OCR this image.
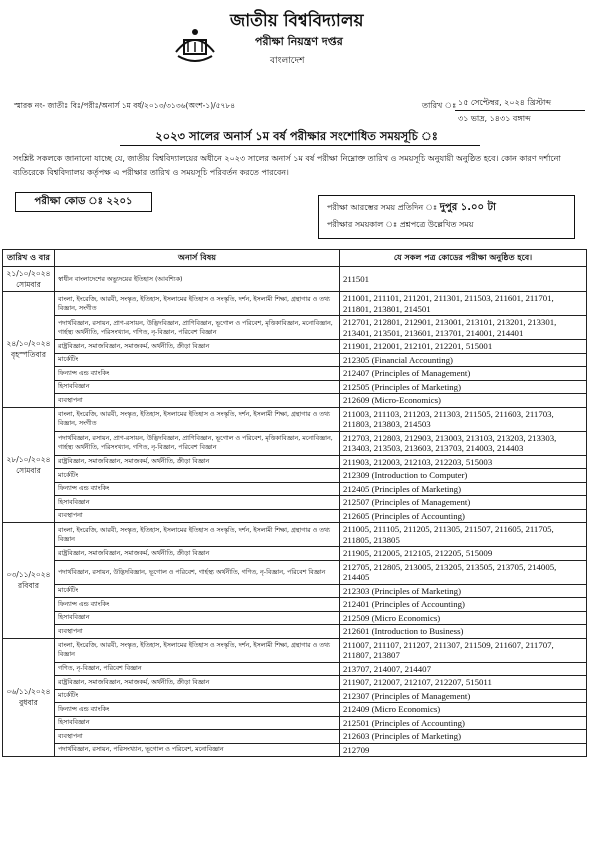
জাতীয় বিশ্ববিদ্যালয়
পরীক্ষা নিয়ন্ত্রণ দপ্তর
বাংলাদেশ
স্মারক নং- জাতীঃ বিঃ/পরীঃ/অনার্স ১ম বর্ষ/২০১৩/৩১৩৬(অংশ-১)/৫৭৮৪	তারিখ ঃ ১৫ সেপ্টেম্বর, ২০২৪ খ্রিস্টাব্দ
৩১ ভাদ্র, ১৪৩১ বঙ্গাব্দ
২০২৩ সালের অনার্স ১ম বর্ষ পরীক্ষার সংশোধিত সময়সূচি ঃ
সংশ্লিষ্ট সকলকে জানানো যাচ্ছে যে, জাতীয় বিশ্ববিদ্যালয়ের অধীনে ২০২৩ সালের অনার্স ১ম বর্ষ পরীক্ষা নিম্নোক্ত তারিখ ও সময়সূচি অনুযায়ী অনুষ্ঠিত হবে। কোন কারণ দর্শানো ব্যতিরেকে বিশ্ববিদ্যালয় কর্তৃপক্ষ এ পরীক্ষার তারিখ ও সময়সূচি পরিবর্তন করতে পারবেন।
পরীক্ষা কোড ঃ ২২০১
পরীক্ষা আরম্ভের সময় প্রতিদিন ঃ দুপুর ১.০০ টা
পরীক্ষার সময়কাল ঃ প্রশ্নপত্রে উল্লেখিত সময়
তারিখ ও বার	অনার্স বিষয়	যে সকল পত্র কোডের পরীক্ষা অনুষ্ঠিত হবে।

২১/১০/২০২৪
সোমবার	স্বাধীন বাংলাদেশের অভ্যুদয়ের ইতিহাস (আবশ্যিক)	211501

২৪/১০/২০২৪
বৃহস্পতিবার	বাংলা, ইংরেজি, আরবী, সংস্কৃত, ইতিহাস, ইসলামের ইতিহাস ও সংস্কৃতি, দর্শন, ইসলামী শিক্ষা, গ্রন্থাগার ও তথ্য বিজ্ঞান, সংগীত	211001, 211101, 211201, 211301, 211503, 211601, 211701, 211801, 213801, 214501
	পদার্থবিজ্ঞান, রসায়ন, প্রাণ-রসায়ন, উদ্ভিদবিজ্ঞান, প্রাণিবিজ্ঞান, ভূগোল ও পরিবেশ, মৃত্তিকাবিজ্ঞান, মনোবিজ্ঞান, গার্হস্থ্য অর্থনীতি, পরিসংখ্যান, গণিত, নৃ-বিজ্ঞান, পরিবেশ বিজ্ঞান	212701, 212801, 212901, 213001, 213101, 213201, 213301, 213401, 213501, 213601, 213701, 214001, 214401
	রাষ্ট্রবিজ্ঞান, সমাজবিজ্ঞান, সমাজকর্ম, অর্থনীতি, ক্রীড়া বিজ্ঞান	211901, 212001, 212101, 212201, 515001
	মার্কেটিং	212305 (Financial Accounting)
	ফিন্যান্স এন্ড ব্যাংকিং	212407 (Principles of Management)
	হিসাববিজ্ঞান	212505 (Principles of Marketing)
	ব্যবস্থাপনা	212609 (Micro-Economics)

২৮/১০/২০২৪
সোমবার	বাংলা, ইংরেজি, আরবী, সংস্কৃত, ইতিহাস, ইসলামের ইতিহাস ও সংস্কৃতি, দর্শন, ইসলামী শিক্ষা, গ্রন্থাগার ও তথ্য বিজ্ঞান, সংগীত	211003, 211103, 211203, 211303, 211505, 211603, 211703, 211803, 213803, 214503
	পদার্থবিজ্ঞান, রসায়ন, প্রাণ-রসায়ন, উদ্ভিদবিজ্ঞান, প্রাণিবিজ্ঞান, ভূগোল ও পরিবেশ, মৃত্তিকাবিজ্ঞান, মনোবিজ্ঞান, গার্হস্থ্য অর্থনীতি, পরিসংখ্যান, গণিত, নৃ-বিজ্ঞান, পরিবেশ বিজ্ঞান	212703, 212803, 212903, 213003, 213103, 213203, 213303, 213403, 213503, 213603, 213703, 214003, 214403
	রাষ্ট্রবিজ্ঞান, সমাজবিজ্ঞান, সমাজকর্ম, অর্থনীতি, ক্রীড়া বিজ্ঞান	211903, 212003, 212103, 212203, 515003
	মার্কেটিং	212309 (Introduction to Computer)
	ফিন্যান্স এন্ড ব্যাংকিং	212405 (Principles of Marketing)
	হিসাববিজ্ঞান	212507 (Principles of Management)
	ব্যবস্থাপনা	212605 (Principles of Accounting)

০৩/১১/২০২৪
রবিবার	বাংলা, ইংরেজি, আরবী, সংস্কৃত, ইতিহাস, ইসলামের ইতিহাস ও সংস্কৃতি, দর্শন, ইসলামী শিক্ষা, গ্রন্থাগার ও তথ্য বিজ্ঞান	211005, 211105, 211205, 211305, 211507, 211605, 211705, 211805, 213805
	রাষ্ট্রবিজ্ঞান, সমাজবিজ্ঞান, সমাজকর্ম, অর্থনীতি, ক্রীড়া বিজ্ঞান	211905, 212005, 212105, 212205, 515009
	পদার্থবিজ্ঞান, রসায়ন, উদ্ভিদবিজ্ঞান, ভূগোল ও পরিবেশ, গার্হস্থ্য অর্থনীতি, গণিত, নৃ-বিজ্ঞান, পরিবেশ বিজ্ঞান	212705, 212805, 213005, 213205, 213505, 213705, 214005, 214405
	মার্কেটিং	212303 (Principles of Marketing)
	ফিন্যান্স এন্ড ব্যাংকিং	212401 (Principles of Accounting)
	হিসাববিজ্ঞান	212509 (Micro Economics)
	ব্যবস্থাপনা	212601 (Introduction to Business)

০৬/১১/২০২৪
বুধবার	বাংলা, ইংরেজি, আরবী, সংস্কৃত, ইতিহাস, ইসলামের ইতিহাস ও সংস্কৃতি, দর্শন, ইসলামী শিক্ষা, গ্রন্থাগার ও তথ্য বিজ্ঞান	211007, 211107, 211207, 211307, 211509, 211607, 211707, 211807, 213807
	গণিত, নৃ-বিজ্ঞান, পরিবেশ বিজ্ঞান	213707, 214007, 214407
	রাষ্ট্রবিজ্ঞান, সমাজবিজ্ঞান, সমাজকর্ম, অর্থনীতি, ক্রীড়া বিজ্ঞান	211907, 212007, 212107, 212207, 515011
	মার্কেটিং	212307 (Principles of Management)
	ফিন্যান্স এন্ড ব্যাংকিং	212409 (Micro Economics)
	হিসাববিজ্ঞান	212501 (Principles of Accounting)
	ব্যবস্থাপনা	212603 (Principles of Marketing)
	পদার্থবিজ্ঞান, রসায়ন, পরিসংখ্যান, ভূগোল ও পরিবেশ, মনোবিজ্ঞান	212709
